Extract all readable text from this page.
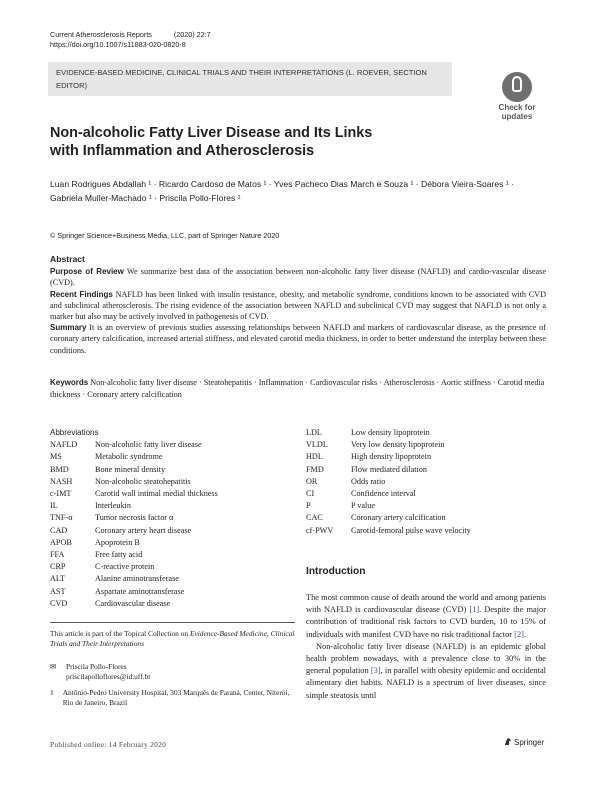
Current Atherosclerosis Reports	(2020) 22:7
https://doi.org/10.1007/s11883-020-0820-8
EVIDENCE-BASED MEDICINE, CLINICAL TRIALS AND THEIR INTERPRETATIONS (L. ROEVER, SECTION EDITOR)
Check for
updates
Non-alcoholic Fatty Liver Disease and Its Links with Inflammation and Atherosclerosis
Luan Rodrigues Abdallah ¹ · Ricardo Cardoso de Matos ¹ · Yves Pacheco Dias March e Souza ¹ · Débora Vieira-Soares ¹ ·
Gabriela Muller-Machado ¹ · Priscila Pollo-Flores ¹
© Springer Science+Business Media, LLC, part of Springer Nature 2020
Abstract

Purpose of Review We summarize best data of the association between non-alcoholic fatty liver disease (NAFLD) and cardio-vascular disease (CVD).

Recent Findings NAFLD has been linked with insulin resistance, obesity, and metabolic syndrome, conditions known to be associated with CVD and subclinical atherosclerosis. The rising evidence of the association between NAFLD and subclinical CVD may suggest that NAFLD is not only a marker but also may be actively involved in pathogenesis of CVD.

Summary It is an overview of previous studies assessing relationships between NAFLD and markers of cardiovascular disease, as the presence of coronary artery calcification, increased arterial stiffness, and elevated carotid media thickness, in order to better understand the interplay between these conditions.

Keywords Non-alcoholic fatty liver disease · Steatohepatitis · Inflammation · Cardiovascular risks · Atherosclerosis · Aortic stiffness · Carotid media thickness · Coronary artery calcification
Abbreviations
NAFLD	Non-alcoholic fatty liver disease
MS	Metabolic syndrome
BMD	Bone mineral density
NASH	Non-alcoholic steatohepatitis
c-IMT	Carotid wall intimal medial thickness
IL	Interleukin
TNF-α	Tumor necrosis factor α
CAD	Coronary artery heart disease
APOB	Apoprotein B
FFA	Free fatty acid
CRP	C-reactive protein
ALT	Alanine aminotransferase
AST	Aspartate aminotransferase
CVD	Cardiovascular disease
LDL	Low density lipoprotein
VLDL	Very low density lipoprotein
HDL	High density lipoprotein
FMD	Flow mediated dilation
OR	Odds ratio
CI	Confidence interval
P	P value
CAC	Coronary artery calcification
cf-PWV	Carotid-femoral pulse wave velocity
This article is part of the Topical Collection on Evidence-Based Medicine, Clinical Trials and Their Interpretations
✉	Priscila Pollo-Flores
priscilapolloflores@id.uff.br
1	Antônio-Pedro University Hospital, 303 Marquês de Paraná, Center, Niterói, Rio de Janeiro, Brazil
Introduction

The most common cause of death around the world and among patients with NAFLD is cardiovascular disease (CVD) [1]. Despite the major contribution of traditional risk factors to CVD burden, 10 to 15% of individuals with manifest CVD have no risk traditional factor [2].

Non-alcoholic fatty liver disease (NAFLD) is an epidemic global health problem nowadays, with a prevalence close to 30% in the general population [3], in parallel with obesity epidemic and occidental alimentary diet habits. NAFLD is a spectrum of liver diseases, since simple steatosis until

Published online: 14 February 2020	Springer
